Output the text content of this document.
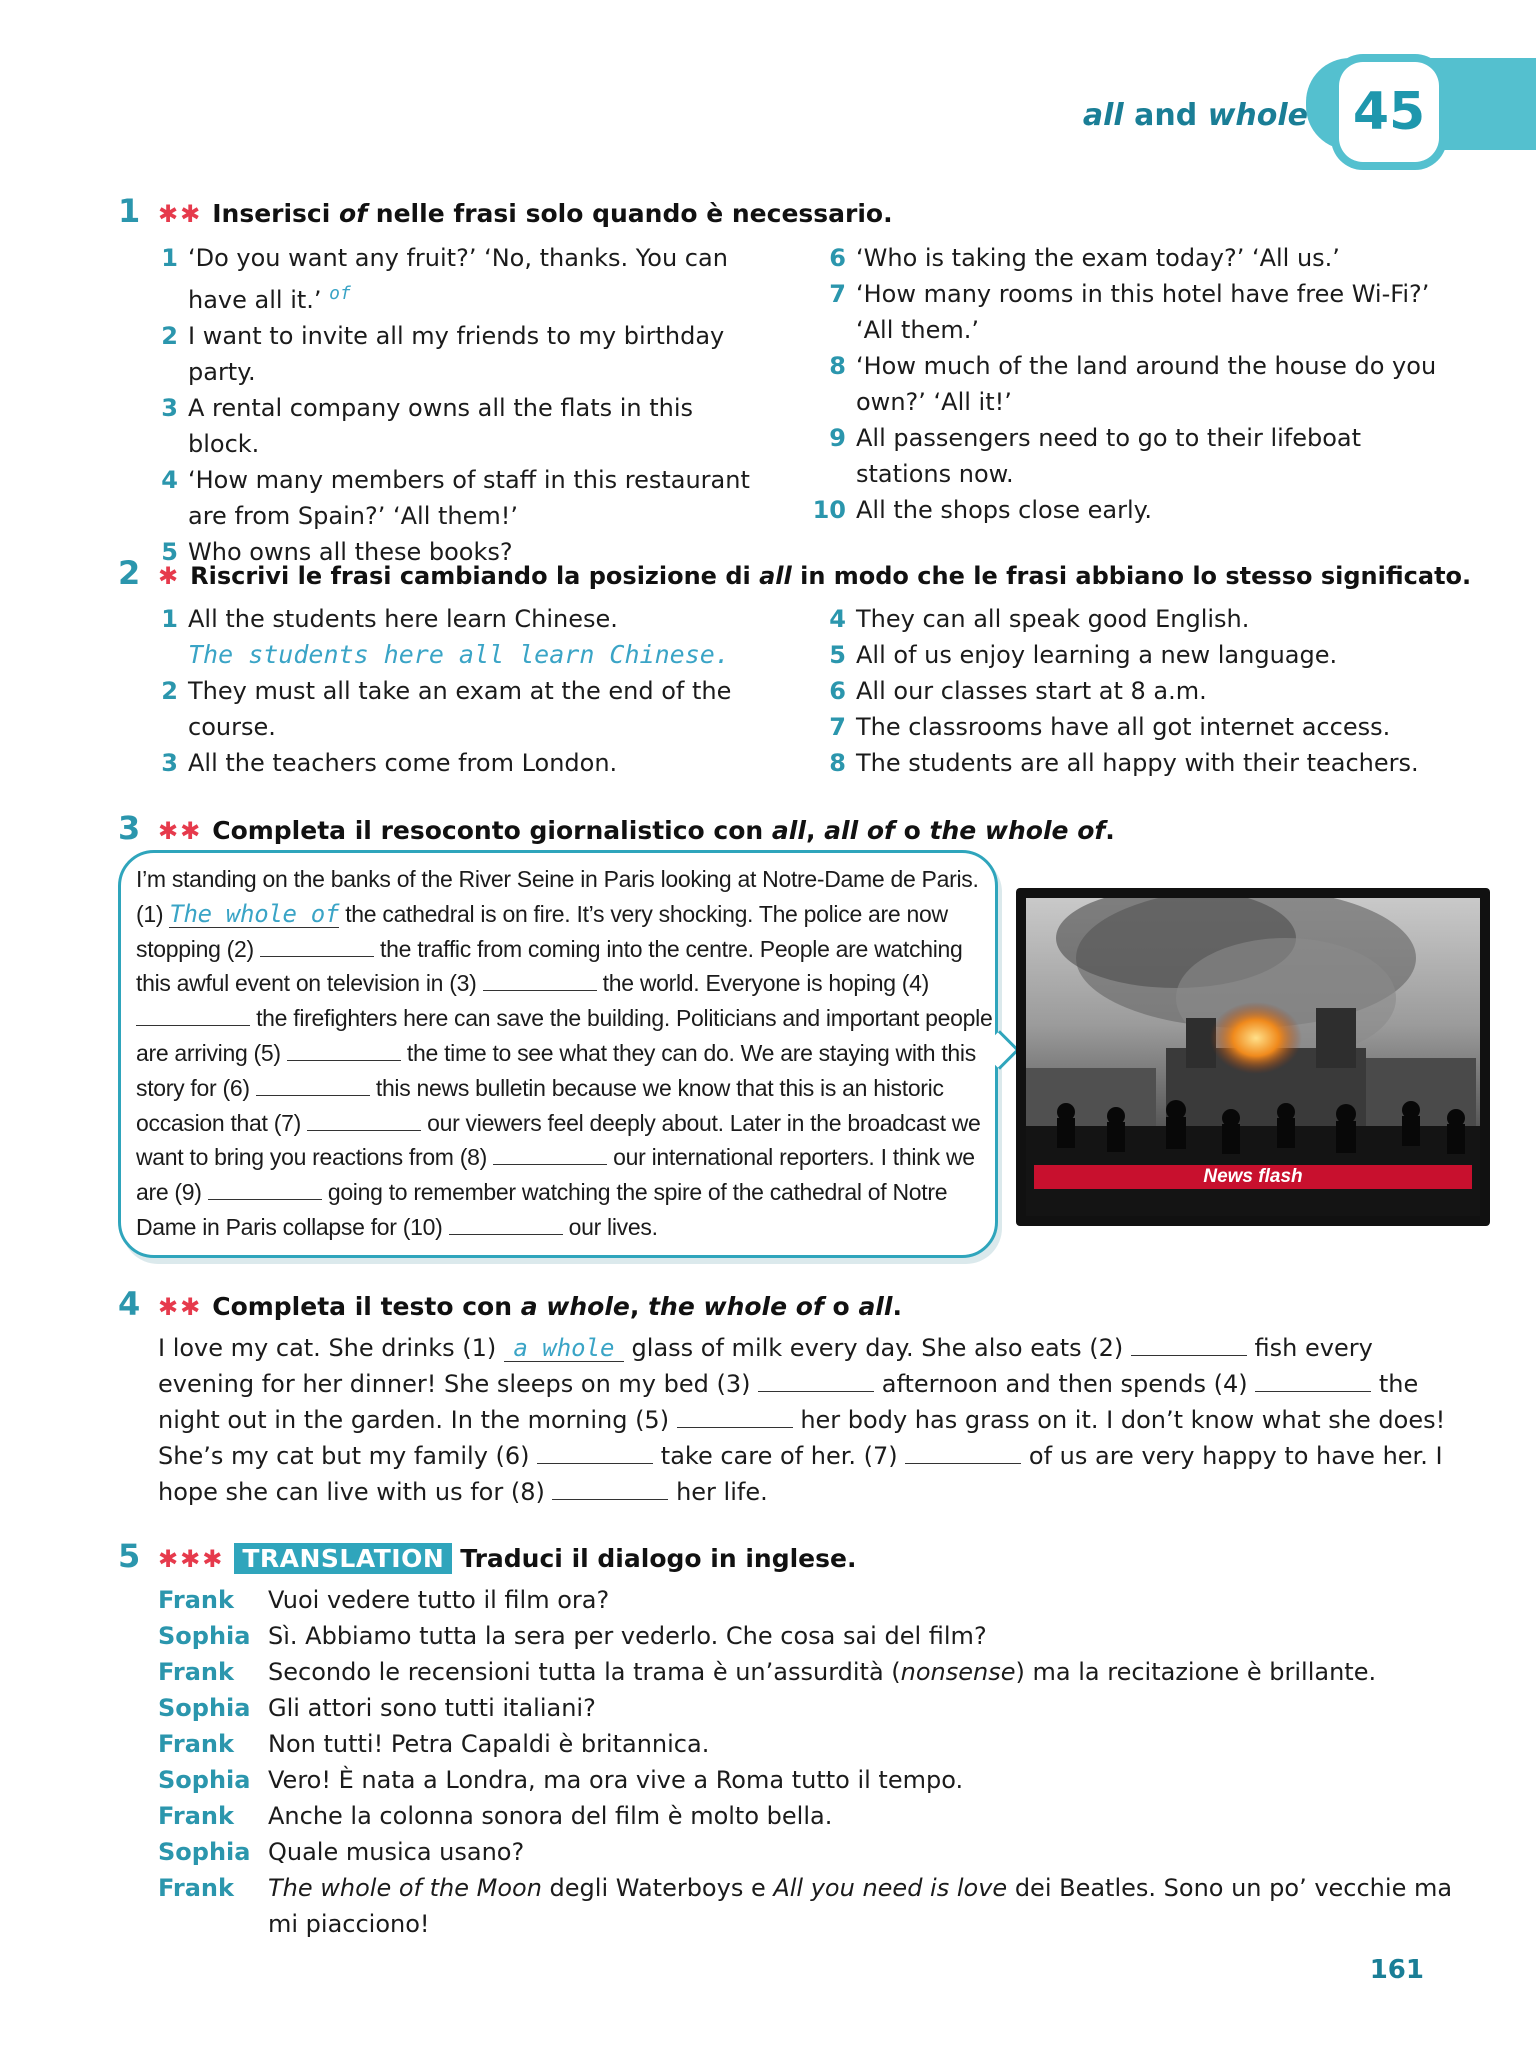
45
all and whole
1 ✱✱ Inserisci of nelle frasi solo quando è necessario.
1 ‘Do you want any fruit?’ ‘No, thanks. You can have all it.’ $^{of}$
2 I want to invite all my friends to my birthday party.
3 A rental company owns all the flats in this block.
4 ‘How many members of staff in this restaurant are from Spain?’ ‘All them!’
5 Who owns all these books?
6 ‘Who is taking the exam today?’ ‘All us.’
7 ‘How many rooms in this hotel have free Wi-Fi?’ ‘All them.’
8 ‘How much of the land around the house do you own?’ ‘All it!’
9 All passengers need to go to their lifeboat stations now.
10 All the shops close early.
2 ✱ Riscrivi le frasi cambiando la posizione di all in modo che le frasi abbiano lo stesso significato.
1 All the students here learn Chinese.
The students here all learn Chinese.
2 They must all take an exam at the end of the course.
3 All the teachers come from London.
4 They can all speak good English.
5 All of us enjoy learning a new language.
6 All our classes start at 8 a.m.
7 The classrooms have all got internet access.
8 The students are all happy with their teachers.
3 ✱✱ Completa il resoconto giornalistico con all, all of o the whole of.
I’m standing on the banks of the River Seine in Paris looking at Notre-Dame de Paris. (1) The whole of the cathedral is on fire. It’s very shocking. The police are now stopping (2)	the traffic from coming into the centre. People are watching this awful event on television in (3)	the world. Everyone is hoping (4)  the firefighters here can save the building. Politicians and important people are arriving (5)	the time to see what they can do. We are staying with this story for (6)	this news bulletin because we know that this is an historic occasion that (7)	our viewers feel deeply about. Later in the broadcast we want to bring you reactions from (8)	our international reporters. I think we are (9)	going to remember watching the spire of the cathedral of Notre Dame in Paris collapse for (10)	our lives.
News flash
4 ✱✱ Completa il testo con a whole, the whole of o all.
I love my cat. She drinks (1) a whole glass of milk every day. She also eats (2)	fish every evening for her dinner! She sleeps on my bed (3)	afternoon and then spends (4)	the night out in the garden. In the morning (5)	her body has grass on it. I don’t know what she does! She’s my cat but my family (6)	take care of her. (7)	of us are very happy to have her. I hope she can live with us for (8)	her life.
5 ✱✱✱ TRANSLATION Traduci il dialogo in inglese.
Frank	Vuoi vedere tutto il film ora?
Sophia Sì. Abbiamo tutta la sera per vederlo. Che cosa sai del film?
Frank	Secondo le recensioni tutta la trama è un’assurdità (nonsense) ma la recitazione è brillante.
Sophia Gli attori sono tutti italiani?
Frank	Non tutti! Petra Capaldi è britannica.
Sophia Vero! È nata a Londra, ma ora vive a Roma tutto il tempo.
Frank	Anche la colonna sonora del film è molto bella.
Sophia Quale musica usano?
Frank	The whole of the Moon degli Waterboys e All you need is love dei Beatles. Sono un po’ vecchie ma mi piacciono!
161
